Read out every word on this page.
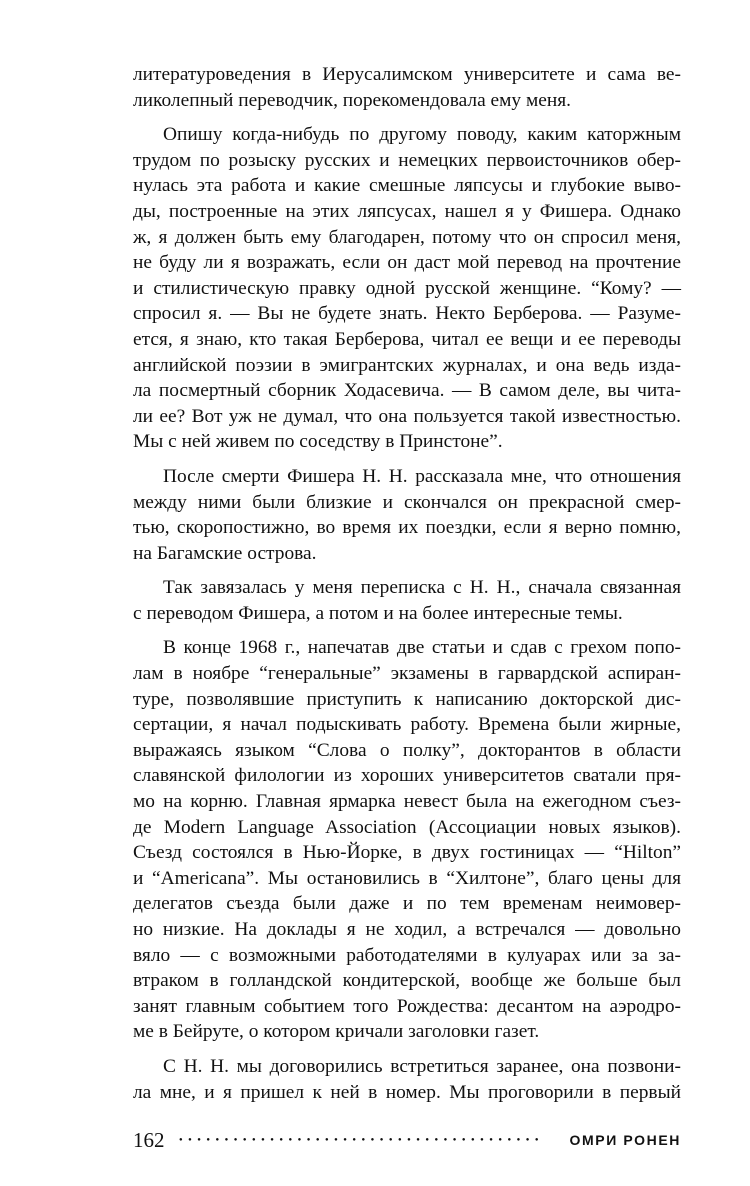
литературоведения в Иерусалимском университете и сама ве-
ликолепный переводчик, порекомендовала ему меня.
Опишу когда-нибудь по другому поводу, каким каторжным
трудом по розыску русских и немецких первоисточников обер-
нулась эта работа и какие смешные ляпсусы и глубокие выво-
ды, построенные на этих ляпсусах, нашел я у Фишера. Однако
ж, я должен быть ему благодарен, потому что он спросил меня,
не буду ли я возражать, если он даст мой перевод на прочтение
и стилистическую правку одной русской женщине. “Кому? —
спросил я. — Вы не будете знать. Некто Берберова. — Разуме-
ется, я знаю, кто такая Берберова, читал ее вещи и ее переводы
английской поэзии в эмигрантских журналах, и она ведь изда-
ла посмертный сборник Ходасевича. — В самом деле, вы чита-
ли ее? Вот уж не думал, что она пользуется такой известностью.
Мы с ней живем по соседству в Принстоне”.
После смерти Фишера Н. Н. рассказала мне, что отношения
между ними были близкие и скончался он прекрасной смер-
тью, скоропостижно, во время их поездки, если я верно помню,
на Багамские острова.
Так завязалась у меня переписка с Н. Н., сначала связанная
с переводом Фишера, а потом и на более интересные темы.
В конце 1968 г., напечатав две статьи и сдав с грехом попо-
лам в ноябре “генеральные” экзамены в гарвардской аспиран-
туре, позволявшие приступить к написанию докторской дис-
сертации, я начал подыскивать работу. Времена были жирные,
выражаясь языком “Слова о полку”, докторантов в области
славянской филологии из хороших университетов сватали пря-
мо на корню. Главная ярмарка невест была на ежегодном съез-
де Modern Language Association (Ассоциации новых языков).
Съезд состоялся в Нью-Йорке, в двух гостиницах — “Hilton”
и “Americana”. Мы остановились в “Хилтоне”, благо цены для
делегатов съезда были даже и по тем временам неимовер-
но низкие. На доклады я не ходил, а встречался — довольно
вяло — с возможными работодателями в кулуарах или за за-
втраком в голландской кондитерской, вообще же больше был
занят главным событием того Рождества: десантом на аэродро-
ме в Бейруте, о котором кричали заголовки газет.
С Н. Н. мы договорились встретиться заранее, она позвони-
ла мне, и я пришел к ней в номер. Мы проговорили в первый
162
●●●●●●●●●●●●●●●●●●●●●●●●●●●●●●●●●●●●●●●●●●●●●●●●●●	ОМРИ РОНЕН
